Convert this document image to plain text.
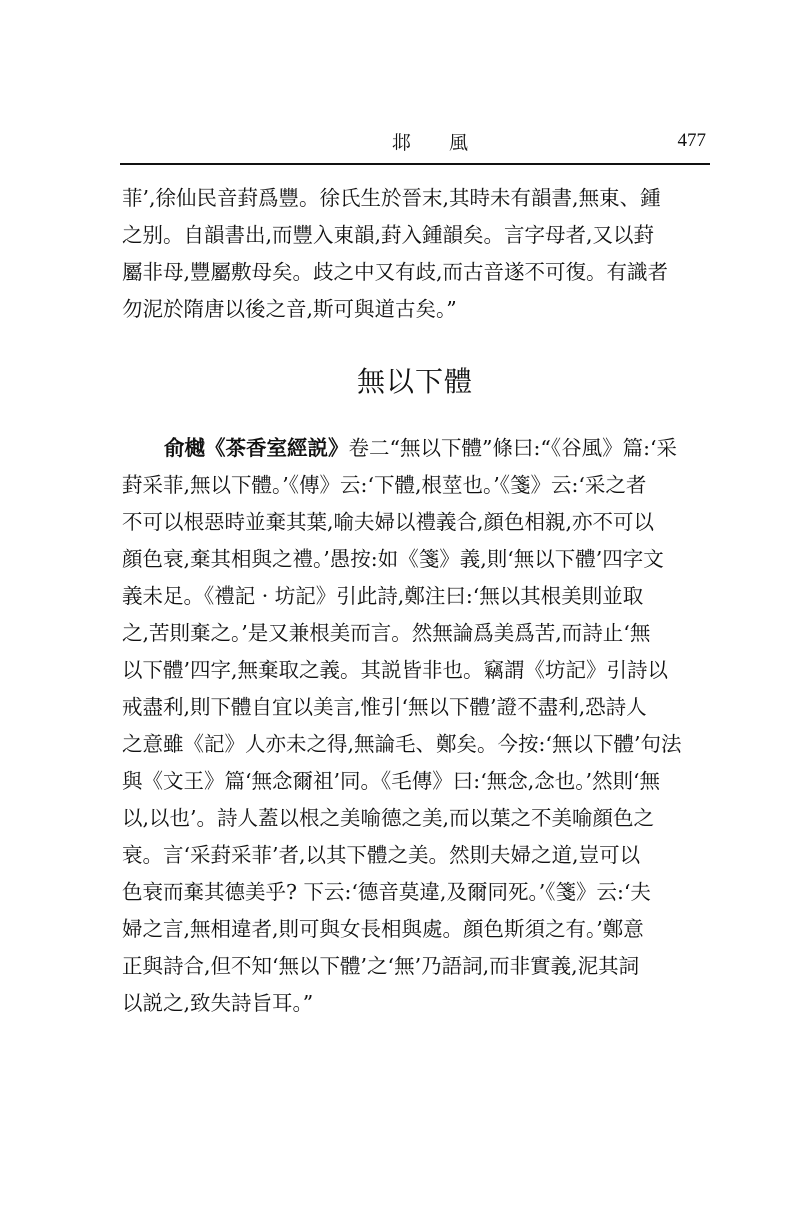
邶 風	477
菲’,徐仙民音葑爲豐。徐氏生於晉末,其時未有韻書,無東、鍾
之别。自韻書出,而豐入東韻,葑入鍾韻矣。言字母者,又以葑
屬非母,豐屬敷母矣。歧之中又有歧,而古音遂不可復。有識者
勿泥於隋唐以後之音,斯可與道古矣。”
無以下體
俞樾《茶香室經説》卷二“無以下體”條曰:“《谷風》篇:‘采
葑采菲,無以下體。’《傳》云:‘下體,根莖也。’《箋》云:‘采之者
不可以根惡時並棄其葉,喻夫婦以禮義合,顔色相親,亦不可以
顔色衰,棄其相與之禮。’愚按:如《箋》義,則‘無以下體’四字文
義未足。《禮記 · 坊記》引此詩,鄭注曰:‘無以其根美則並取
之,苦則棄之。’是又兼根美而言。然無論爲美爲苦,而詩止‘無
以下體’四字,無棄取之義。其説皆非也。竊謂《坊記》引詩以
戒盡利,則下體自宜以美言,惟引‘無以下體’證不盡利,恐詩人
之意雖《記》人亦未之得,無論毛、鄭矣。今按:‘無以下體’句法
與《文王》篇‘無念爾祖’同。《毛傳》曰:‘無念,念也。’然則‘無
以,以也’。詩人蓋以根之美喻德之美,而以葉之不美喻顔色之
衰。言‘采葑采菲’者,以其下體之美。然則夫婦之道,豈可以
色衰而棄其德美乎? 下云:‘德音莫違,及爾同死。’《箋》云:‘夫
婦之言,無相違者,則可與女長相與處。顔色斯須之有。’鄭意
正與詩合,但不知‘無以下體’之‘無’乃語詞,而非實義,泥其詞
以説之,致失詩旨耳。”
